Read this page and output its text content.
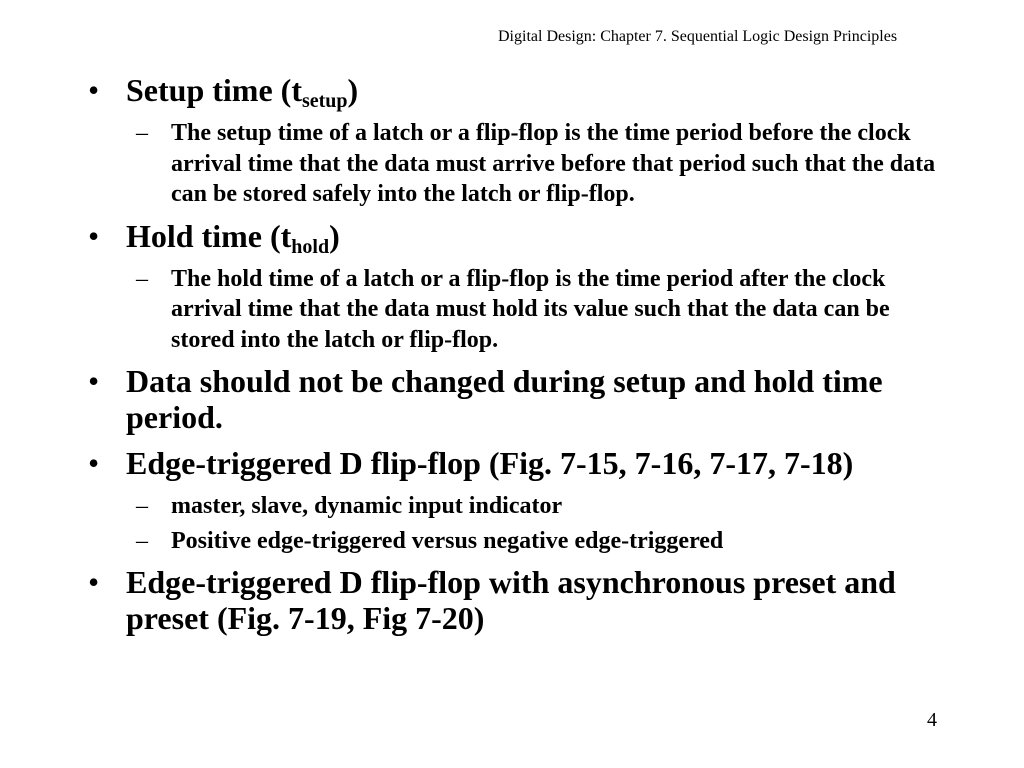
Digital Design: Chapter 7. Sequential Logic Design Principles
• Setup time $(t_{setup})$
– The setup time of a latch or a flip-flop is the time period before the clock arrival time that the data must arrive before that period such that the data can be stored safely into the latch or flip-flop.
• Hold time $(t_{hold})$
– The hold time of a latch or a flip-flop is the time period after the clock arrival time that the data must hold its value such that the data can be stored into the latch or flip-flop.
• Data should not be changed during setup and hold time period.
• Edge-triggered D flip-flop (Fig. 7-15, 7-16, 7-17, 7-18)
– master, slave, dynamic input indicator
– Positive edge-triggered versus negative edge-triggered
• Edge-triggered D flip-flop with asynchronous preset and preset (Fig. 7-19, Fig 7-20)
4
